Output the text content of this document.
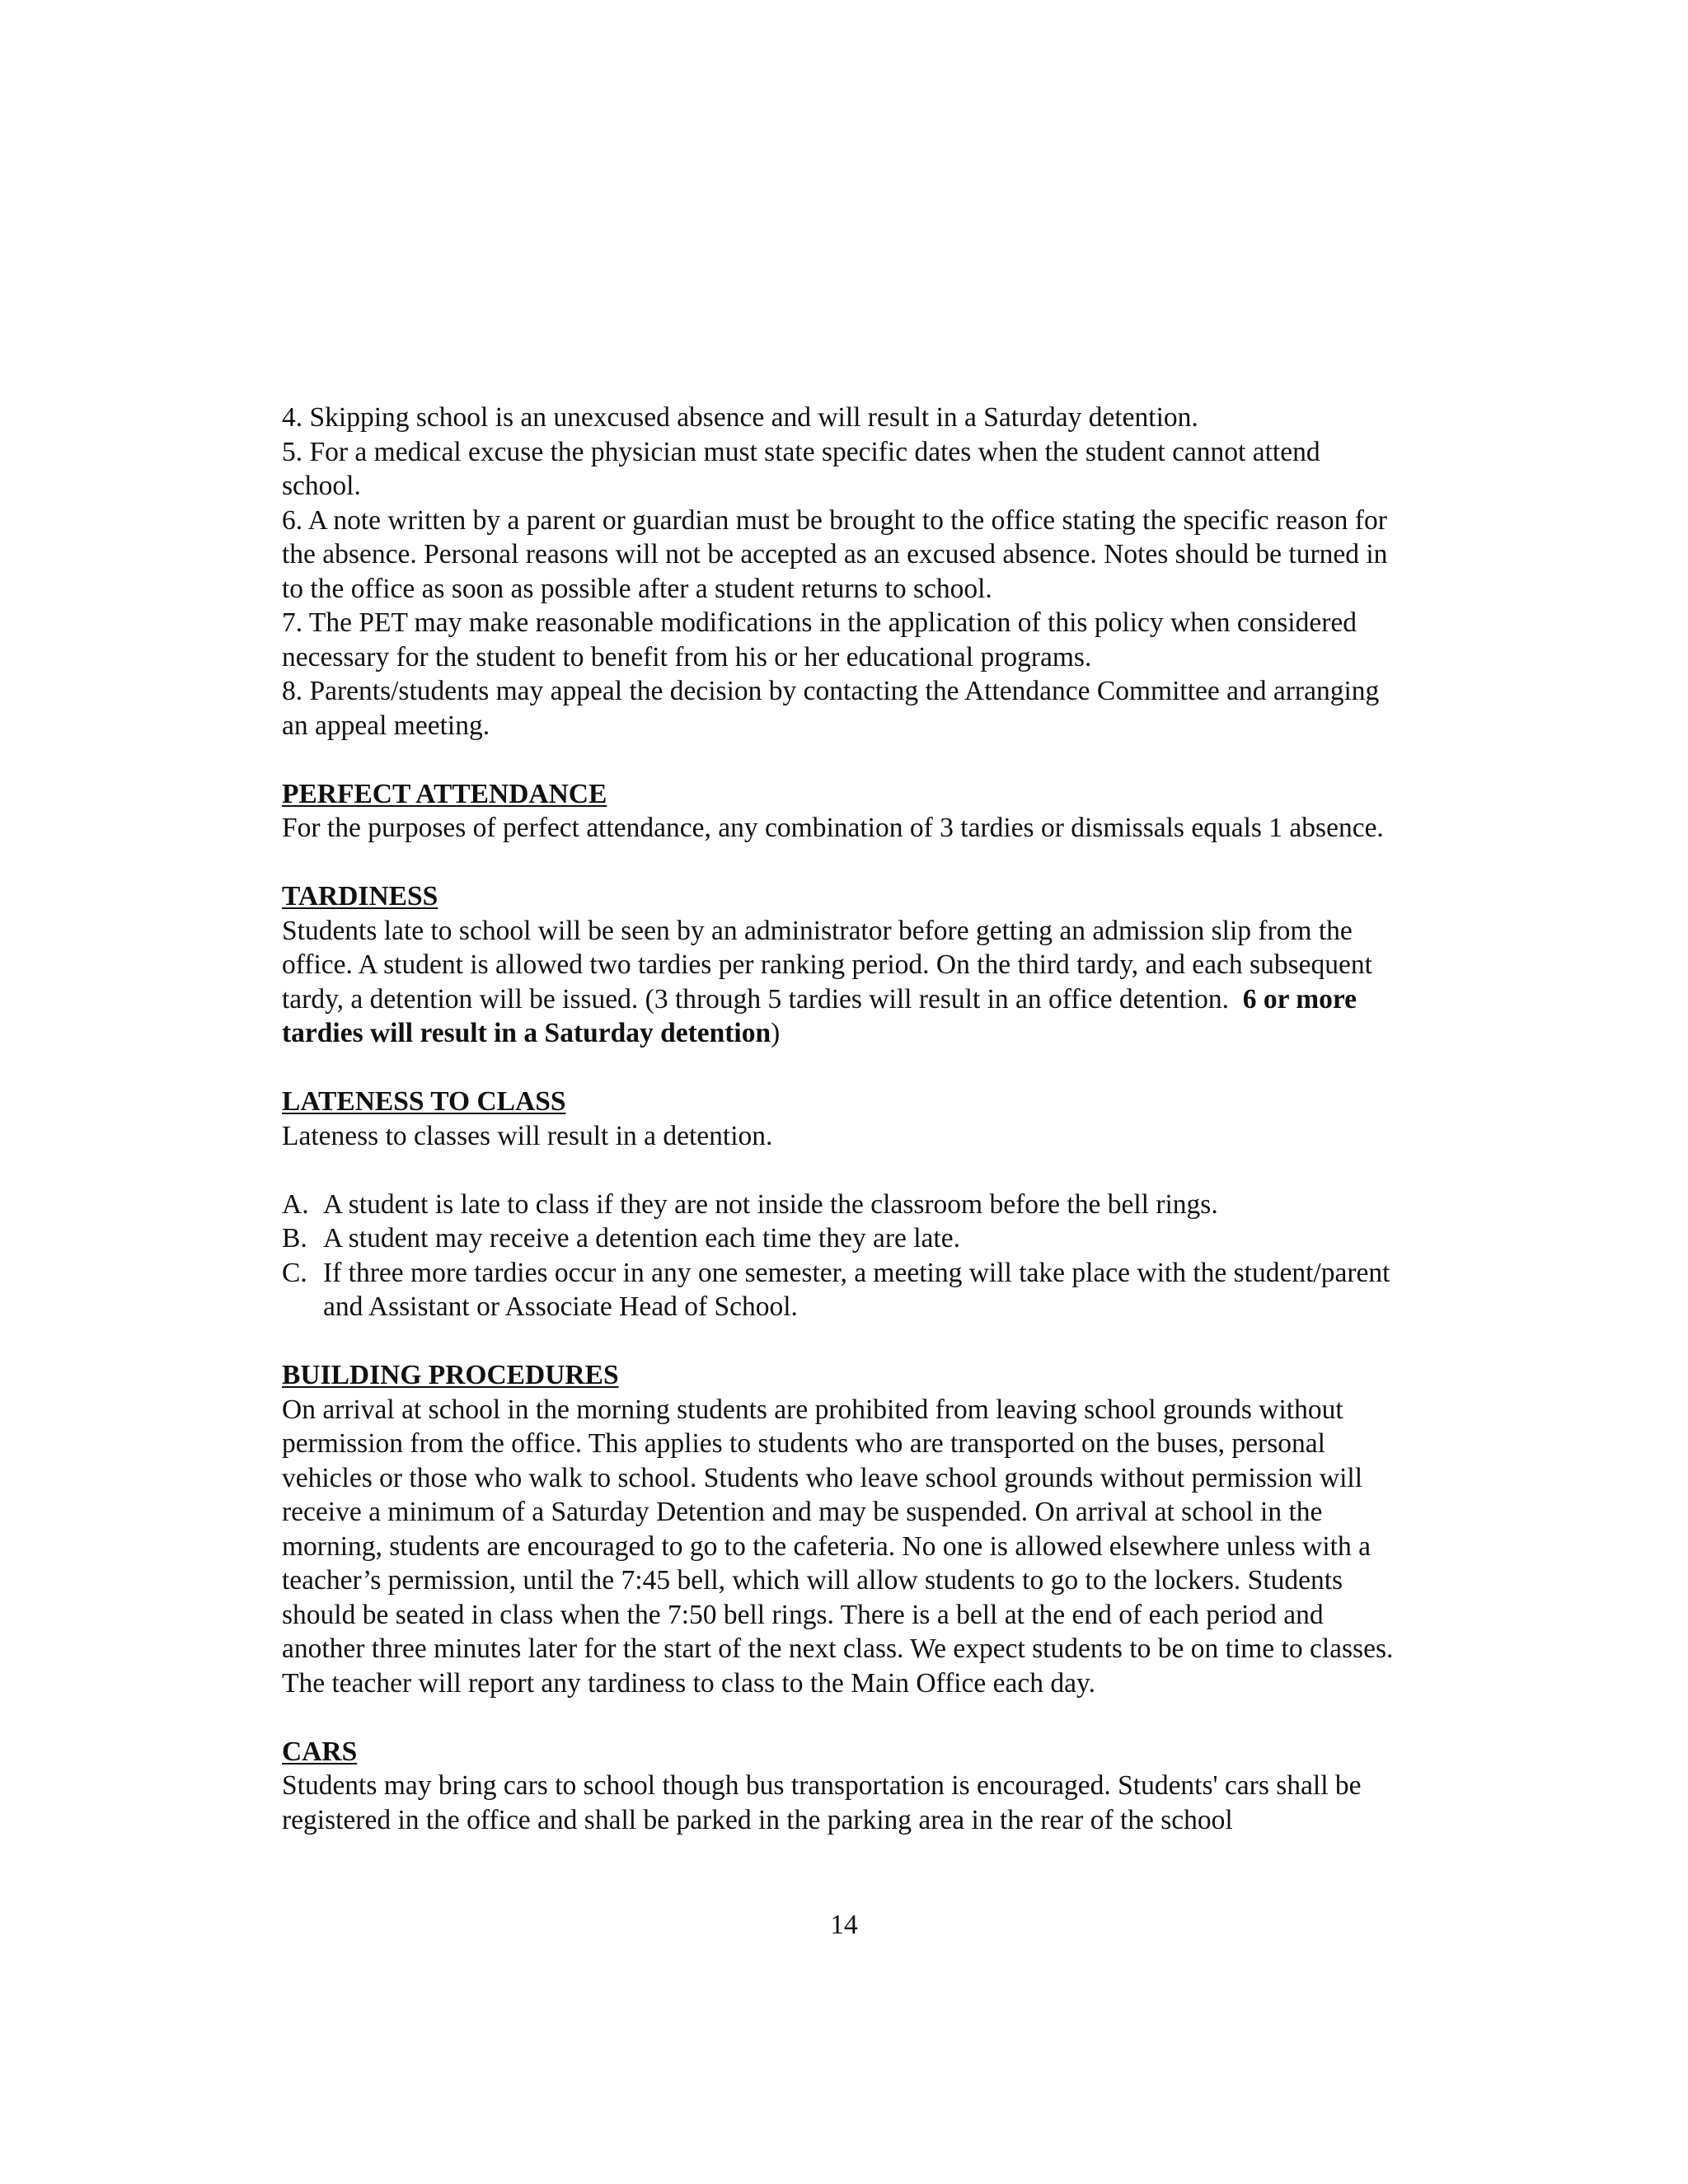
4. Skipping school is an unexcused absence and will result in a Saturday detention.

5. For a medical excuse the physician must state specific dates when the student cannot attend school.

6. A note written by a parent or guardian must be brought to the office stating the specific reason for the absence. Personal reasons will not be accepted as an excused absence. Notes should be turned in to the office as soon as possible after a student returns to school.

7. The PET may make reasonable modifications in the application of this policy when considered necessary for the student to benefit from his or her educational programs.

8. Parents/students may appeal the decision by contacting the Attendance Committee and arranging an appeal meeting.

PERFECT ATTENDANCE

For the purposes of perfect attendance, any combination of 3 tardies or dismissals equals 1 absence.

TARDINESS

Students late to school will be seen by an administrator before getting an admission slip from the office. A student is allowed two tardies per ranking period. On the third tardy, and each subsequent tardy, a detention will be issued. (3 through 5 tardies will result in an office detention. 6 or more tardies will result in a Saturday detention)

LATENESS TO CLASS

Lateness to classes will result in a detention.

A. A student is late to class if they are not inside the classroom before the bell rings.
B. A student may receive a detention each time they are late.
C. If three more tardies occur in any one semester, a meeting will take place with the student/parent and Assistant or Associate Head of School.

BUILDING PROCEDURES

On arrival at school in the morning students are prohibited from leaving school grounds without permission from the office. This applies to students who are transported on the buses, personal vehicles or those who walk to school. Students who leave school grounds without permission will receive a minimum of a Saturday Detention and may be suspended. On arrival at school in the morning, students are encouraged to go to the cafeteria. No one is allowed elsewhere unless with a teacher’s permission, until the 7:45 bell, which will allow students to go to the lockers. Students should be seated in class when the 7:50 bell rings. There is a bell at the end of each period and another three minutes later for the start of the next class. We expect students to be on time to classes. The teacher will report any tardiness to class to the Main Office each day.

CARS

Students may bring cars to school though bus transportation is encouraged. Students' cars shall be registered in the office and shall be parked in the parking area in the rear of the school

14
